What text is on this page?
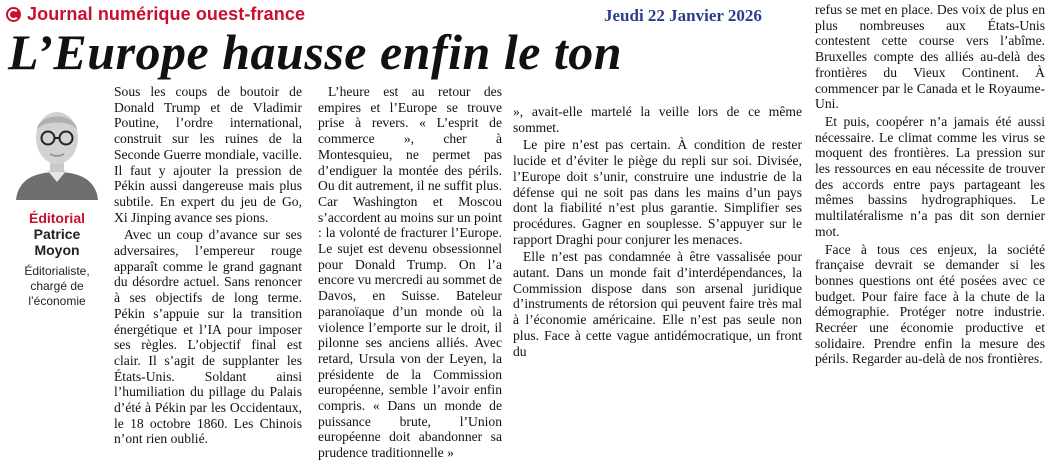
Journal numérique ouest-france	Jeudi 22 Janvier 2026
L’Europe hausse enfin le ton
Éditorial
Patrice
Moyon
Éditorialiste, chargé de l’économie

Sous les coups de boutoir de Donald Trump et de Vladimir Poutine, l’ordre international, construit sur les ruines de la Seconde Guerre mondiale, vacille. Il faut y ajouter la pression de Pékin aussi dangereuse mais plus subtile. En expert du jeu de Go, Xi Jinping avance ses pions.

Avec un coup d’avance sur ses adversaires, l’empereur rouge apparaît comme le grand gagnant du désordre actuel. Sans renoncer à ses objectifs de long terme. Pékin s’appuie sur la transition énergétique et l’IA pour imposer ses règles. L’objectif final est clair. Il s’agit de supplanter les États-Unis. Soldant ainsi l’humiliation du pillage du Palais d’été à Pékin par les Occidentaux, le 18 octobre 1860. Les Chinois n’ont rien oublié.

L’heure est au retour des empires et l’Europe se trouve prise à revers. « L’esprit de commerce », cher à Montesquieu, ne permet pas d’endiguer la montée des périls. Ou dit autrement, il ne suffit plus. Car Washington et Moscou s’accordent au moins sur un point : la volonté de fracturer l’Europe. Le sujet est devenu obsessionnel pour Donald Trump. On l’a encore vu mercredi au sommet de Davos, en Suisse. Bateleur paranoïaque d’un monde où la violence l’emporte sur le droit, il pilonne ses anciens alliés. Avec retard, Ursula von der Leyen, la présidente de la Commission européenne, semble l’avoir enfin compris. « Dans un monde de puissance brute, l’Union européenne doit abandonner sa prudence traditionnelle »

», avait-elle martelé la veille lors de ce même sommet.

Le pire n’est pas certain. À condition de rester lucide et d’éviter le piège du repli sur soi. Divisée, l’Europe doit s’unir, construire une industrie de la défense qui ne soit pas dans les mains d’un pays dont la fiabilité n’est plus garantie. Simplifier ses procédures. Gagner en souplesse. S’appuyer sur le rapport Draghi pour conjurer les menaces.

Elle n’est pas condamnée à être vassalisée pour autant. Dans un monde fait d’interdépendances, la Commission dispose dans son arsenal juridique d’instruments de rétorsion qui peuvent faire très mal à l’économie américaine. Elle n’est pas seule non plus. Face à cette vague antidémocratique, un front du

refus se met en place. Des voix de plus en plus nombreuses aux États-Unis contestent cette course vers l’abîme. Bruxelles compte des alliés au-delà des frontières du Vieux Continent. À commencer par le Canada et le Royaume-Uni.

Et puis, coopérer n’a jamais été aussi nécessaire. Le climat comme les virus se moquent des frontières. La pression sur les ressources en eau nécessite de trouver des accords entre pays partageant les mêmes bassins hydrographiques. Le multilatéralisme n’a pas dit son dernier mot.

Face à tous ces enjeux, la société française devrait se demander si les bonnes questions ont été posées avec ce budget. Pour faire face à la chute de la démographie. Protéger notre industrie. Recréer une économie productive et solidaire. Prendre enfin la mesure des périls. Regarder au-delà de nos frontières.
